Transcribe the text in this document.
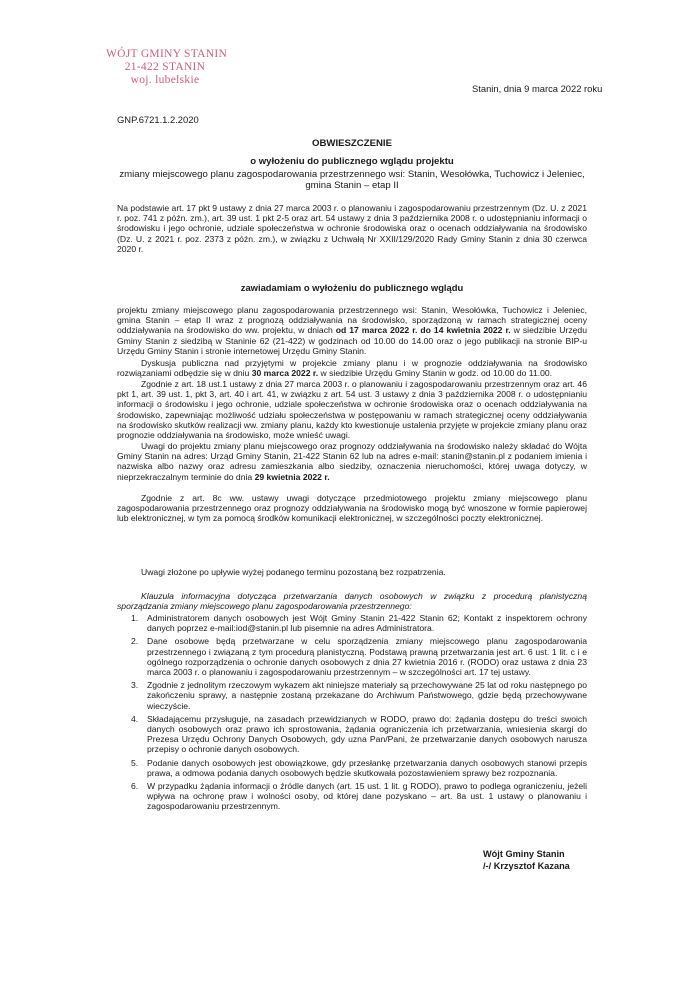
WÓJT GMINY STANIN
21-422 STANIN
woj. lubelskie
Stanin, dnia 9 marca 2022 roku
GNP.6721.1.2.2020
OBWIESZCZENIE
o wyłożeniu do publicznego wglądu projektu
zmiany miejscowego planu zagospodarowania przestrzennego wsi: Stanin, Wesołówka, Tuchowicz i Jeleniec, gmina Stanin – etap II
Na podstawie art. 17 pkt 9 ustawy z dnia 27 marca 2003 r. o planowaniu i zagospodarowaniu przestrzennym (Dz. U. z 2021 r. poz. 741 z późn. zm.), art. 39 ust. 1 pkt 2-5 oraz art. 54 ustawy z dnia 3 października 2008 r. o udostępnianiu informacji o środowisku i jego ochronie, udziale społeczeństwa w ochronie środowiska oraz o ocenach oddziaływania na środowisko (Dz. U. z 2021 r. poz. 2373 z późn. zm.), w związku z Uchwałą Nr XXII/129/2020 Rady Gminy Stanin z dnia 30 czerwca 2020 r.
zawiadamiam o wyłożeniu do publicznego wglądu
projektu zmiany miejscowego planu zagospodarowania przestrzennego wsi: Stanin, Wesołówka, Tuchowicz i Jeleniec, gmina Stanin – etap II wraz z prognozą oddziaływania na środowisko, sporządzoną w ramach strategicznej oceny oddziaływania na środowisko do ww. projektu, w dniach od 17 marca 2022 r. do 14 kwietnia 2022 r. w siedzibie Urzędu Gminy Stanin z siedzibą w Staninie 62 (21-422) w godzinach od 10.00 do 14.00 oraz o jego publikacji na stronie BIP-u Urzędu Gminy Stanin i stronie internetowej Urzędu Gminy Stanin.
Dyskusja publiczna nad przyjętymi w projekcie zmiany planu i w prognozie oddziaływania na środowisko rozwiązaniami odbędzie się w dniu 30 marca 2022 r. w siedzibie Urzędu Gminy Stanin w godz. od 10.00 do 11.00.
Zgodnie z art. 18 ust.1 ustawy z dnia 27 marca 2003 r. o planowaniu i zagospodarowaniu przestrzennym oraz art. 46 pkt 1, art. 39 ust. 1, pkt 3, art. 40 i art. 41, w związku z art. 54 ust. 3 ustawy z dnia 3 października 2008 r. o udostępnianiu informacji o środowisku i jego ochronie, udziale społeczeństwa w ochronie środowiska oraz o ocenach oddziaływania na środowisko, zapewniając możliwość udziału społeczeństwa w postępowaniu w ramach strategicznej oceny oddziaływania na środowisko skutków realizacji ww. zmiany planu, każdy kto kwestionuje ustalenia przyjęte w projekcie zmiany planu oraz prognozie oddziaływania na środowisko, może wnieść uwagi.
Uwagi do projektu zmiany planu miejscowego oraz prognozy oddziaływania na środowisko należy składać do Wójta Gminy Stanin na adres: Urząd Gminy Stanin, 21-422 Stanin 62 lub na adres e-mail: stanin@stanin.pl z podaniem imienia i nazwiska albo nazwy oraz adresu zamieszkania albo siedziby, oznaczenia nieruchomości, której uwaga dotyczy, w nieprzekraczalnym terminie do dnia 29 kwietnia 2022 r.
Zgodnie z art. 8c ww. ustawy uwagi dotyczące przedmiotowego projektu zmiany miejscowego planu zagospodarowania przestrzennego oraz prognozy oddziaływania na środowisko mogą być wnoszone w formie papierowej lub elektronicznej, w tym za pomocą środków komunikacji elektronicznej, w szczególności poczty elektronicznej.
Uwagi złożone po upływie wyżej podanego terminu pozostaną bez rozpatrzenia.
Klauzula informacyjna dotycząca przetwarzania danych osobowych w związku z procedurą planistyczną sporządzania zmiany miejscowego planu zagospodarowania przestrzennego:
1. Administratorem danych osobowych jest Wójt Gminy Stanin 21-422 Stanin 62; Kontakt z inspektorem ochrony danych poprzez e-mail:iod@stanin.pl lub pisemnie na adres Administratora.
2. Dane osobowe będą przetwarzane w celu sporządzenia zmiany miejscowego planu zagospodarowania przestrzennego i związaną z tym procedurą planistyczną. Podstawą prawną przetwarzania jest art. 6 ust. 1 lit. c i e ogólnego rozporządzenia o ochronie danych osobowych z dnia 27 kwietnia 2016 r. (RODO) oraz ustawa z dnia 23 marca 2003 r. o planowaniu i zagospodarowaniu przestrzennym – w szczególności art. 17 tej ustawy.
3. Zgodnie z jednolitym rzeczowym wykazem akt niniejsze materiały są przechowywane 25 lat od roku następnego po zakończeniu sprawy, a następnie zostaną przekazane do Archiwum Państwowego, gdzie będą przechowywane wieczyście.
4. Składającemu przysługuje, na zasadach przewidzianych w RODO, prawo do: żądania dostępu do treści swoich danych osobowych oraz prawo ich sprostowania, żądania ograniczenia ich przetwarzania, wniesienia skargi do Prezesa Urzędu Ochrony Danych Osobowych, gdy uzna Pan/Pani, że przetwarzanie danych osobowych narusza przepisy o ochronie danych osobowych.
5. Podanie danych osobowych jest obowiązkowe, gdy przesłankę przetwarzania danych osobowych stanowi przepis prawa, a odmowa podania danych osobowych będzie skutkowała pozostawieniem sprawy bez rozpoznania.
6. W przypadku żądania informacji o źródle danych (art. 15 ust. 1 lit. g RODO), prawo to podlega ograniczeniu, jeżeli wpływa na ochronę praw i wolności osoby, od której dane pozyskano – art. 8a ust. 1 ustawy o planowaniu i zagospodarowaniu przestrzennym.
Wójt Gminy Stanin
/-/ Krzysztof Kazana
